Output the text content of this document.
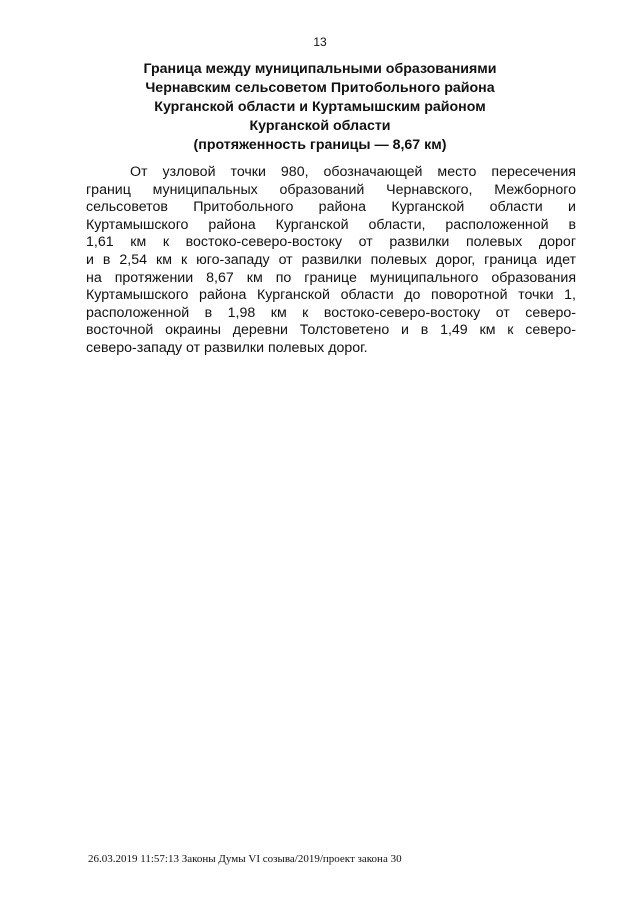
13
Граница между муниципальными образованиями
Чернавским сельсоветом Притобольного района
Курганской области и Куртамышским районом
Курганской области
(протяженность границы — 8,67 км)

От узловой точки 980, обозначающей место пересечения
границ муниципальных образований Чернавского, Межборного
сельсоветов Притобольного района Курганской области и
Куртамышского района Курганской области, расположенной в
1,61 км к востоко-северо-востоку от развилки полевых дорог
и в 2,54 км к юго-западу от развилки полевых дорог, граница идет
на протяжении 8,67 км по границе муниципального образования
Куртамышского района Курганской области до поворотной точки 1,
расположенной в 1,98 км к востоко-северо-востоку от северо-
восточной окраины деревни Толстоветено и в 1,49 км к северо-
северо-западу от развилки полевых дорог.

26.03.2019 11:57:13 Законы Думы VI созыва/2019/проект закона 30
